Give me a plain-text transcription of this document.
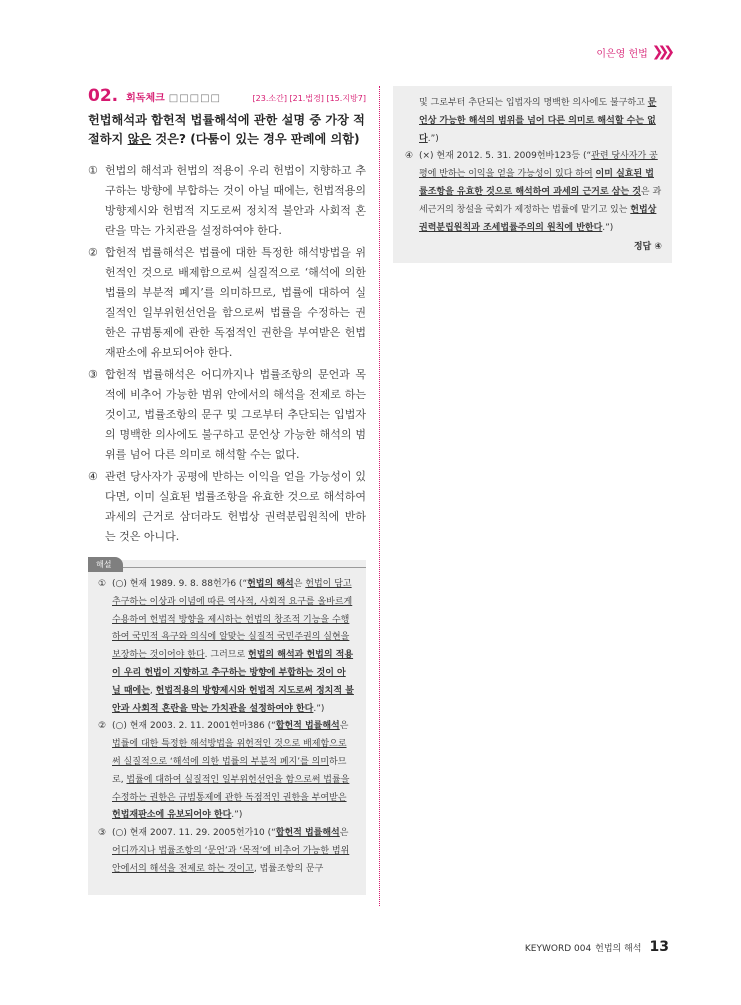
이은영 헌법 ❯❯❯
02. 회독체크 □□□□□	[23.소간] [21.법경] [15.지방7]
헌법해석과 합헌적 법률해석에 관한 설명 중 가장 적절하지 않은 것은? (다툼이 있는 경우 판례에 의함)
① 헌법의 해석과 헌법의 적용이 우리 헌법이 지향하고 추구하는 방향에 부합하는 것이 아닐 때에는, 헌법적용의 방향제시와 헌법적 지도로써 정치적 불안과 사회적 혼란을 막는 가치관을 설정하여야 한다.
② 합헌적 법률해석은 법률에 대한 특정한 해석방법을 위헌적인 것으로 배제함으로써 실질적으로 ‘해석에 의한 법률의 부분적 폐지’를 의미하므로, 법률에 대하여 실질적인 일부위헌선언을 함으로써 법률을 수정하는 권한은 규범통제에 관한 독점적인 권한을 부여받은 헌법재판소에 유보되어야 한다.
③ 합헌적 법률해석은 어디까지나 법률조항의 문언과 목적에 비추어 가능한 범위 안에서의 해석을 전제로 하는 것이고, 법률조항의 문구 및 그로부터 추단되는 입법자의 명백한 의사에도 불구하고 문언상 가능한 해석의 범위를 넘어 다른 의미로 해석할 수는 없다.
④ 관련 당사자가 공평에 반하는 이익을 얻을 가능성이 있다면, 이미 실효된 법률조항을 유효한 것으로 해석하여 과세의 근거로 삼더라도 헌법상 권력분립원칙에 반하는 것은 아니다.
해설
① (○) 현재 1989. 9. 8. 88헌가6 (“헌법의 해석은 헌법이 담고 추구하는 이상과 이념에 따른 역사적, 사회적 요구를 올바르게 수용하여 헌법적 방향을 제시하는 헌법의 창조적 기능을 수행하여 국민적 욕구와 의식에 알맞는 실질적 국민주권의 실현을 보장하는 것이어야 한다. 그러므로 헌법의 해석과 헌법의 적용이 우리 헌법이 지향하고 추구하는 방향에 부합하는 것이 아닐 때에는, 헌법적용의 방향제시와 헌법적 지도로써 정치적 불안과 사회적 혼란을 막는 가치관을 설정하여야 한다.”)
② (○) 현재 2003. 2. 11. 2001헌마386 (“합헌적 법률해석은 법률에 대한 특정한 해석방법을 위헌적인 것으로 배제함으로써 실질적으로 ‘해석에 의한 법률의 부분적 폐지’를 의미하므로, 법률에 대하여 실질적인 일부위헌선언을 함으로써 법률을 수정하는 권한은 규범통제에 관한 독점적인 권한을 부여받은 헌법재판소에 유보되어야 한다.”)
③ (○) 현재 2007. 11. 29. 2005헌가10 (“합헌적 법률해석은 어디까지나 법률조항의 ‘문언’과 ‘목적’에 비추어 가능한 범위 안에서의 해석을 전제로 하는 것이고, 법률조항의 문구
및 그로부터 추단되는 입법자의 명백한 의사에도 불구하고 문언상 가능한 해석의 범위를 넘어 다른 의미로 해석할 수는 없다.”)
④ (×) 현재 2012. 5. 31. 2009헌바123등 (“관련 당사자가 공평에 반하는 이익을 얻을 가능성이 있다 하여 이미 실효된 법률조항을 유효한 것으로 해석하여 과세의 근거로 삼는 것은 과세근거의 창설을 국회가 제정하는 법률에 맡기고 있는 헌법상 권력분립원칙과 조세법률주의의 원칙에 반한다.”)
정답 ④
KEYWORD 004 헌법의 해석 13
